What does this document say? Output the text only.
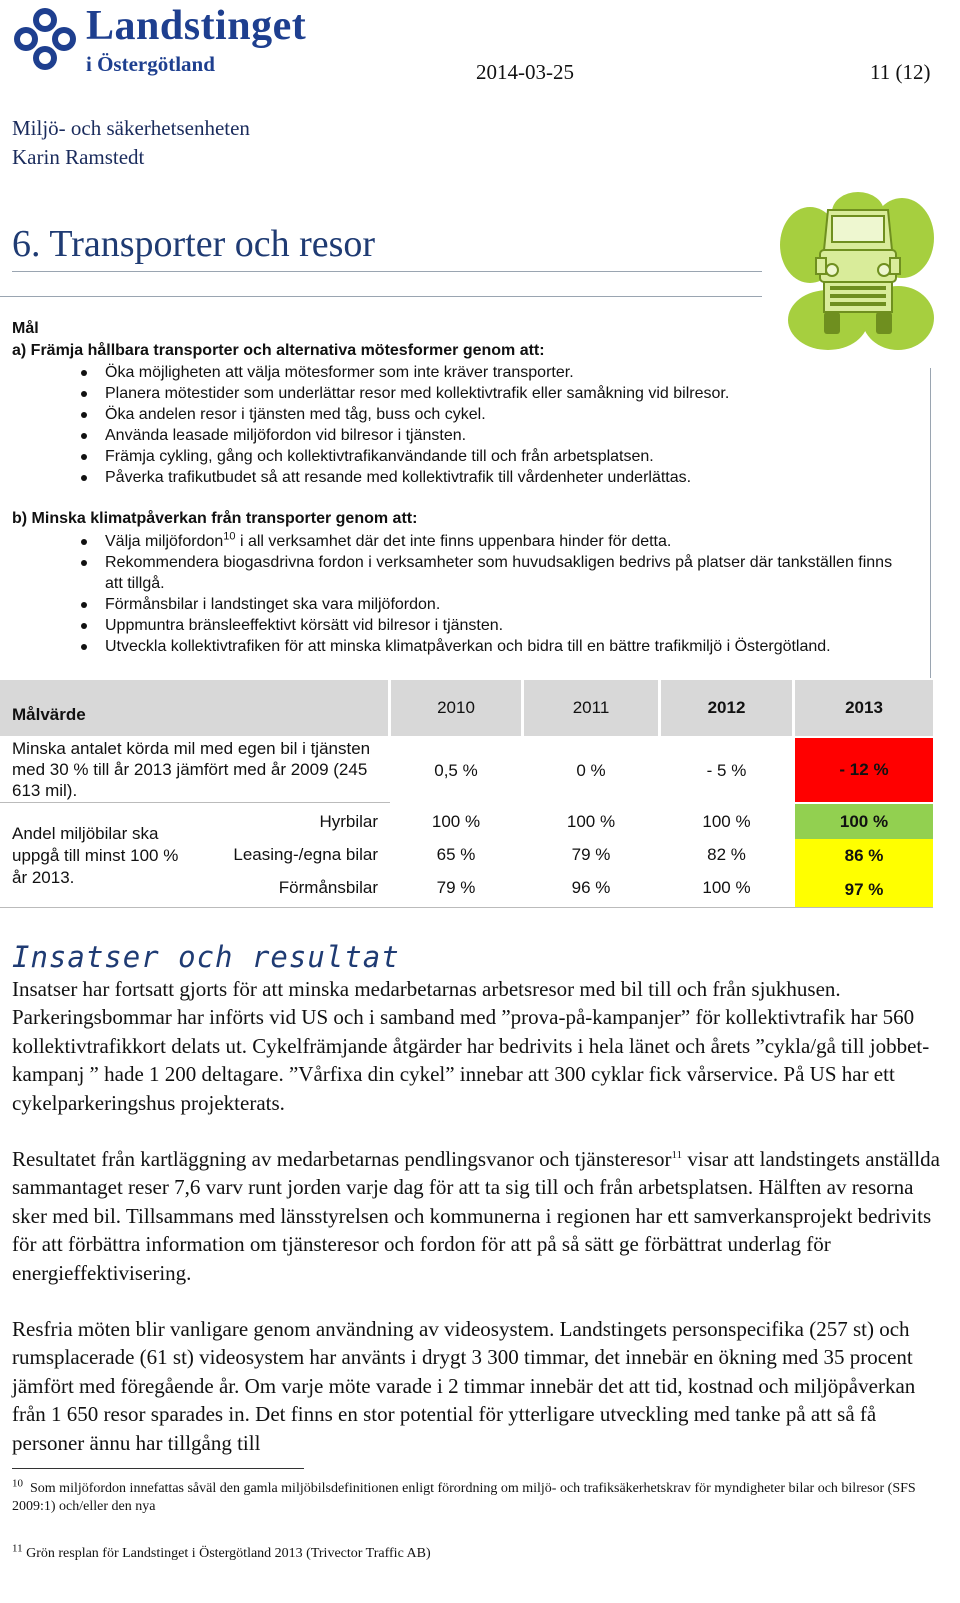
Landstinget
i Östergötland	2014-03-25	11 (12)
Miljö- och säkerhetsenheten
Karin Ramstedt
6. Transporter och resor
Mål
a) Främja hållbara transporter och alternativa mötesformer genom att:
Öka möjligheten att välja mötesformer som inte kräver transporter.
Planera mötestider som underlättar resor med kollektivtrafik eller samåkning vid bilresor.
Öka andelen resor i tjänsten med tåg, buss och cykel.
Använda leasade miljöfordon vid bilresor i tjänsten.
Främja cykling, gång och kollektivtrafikanvändande till och från arbetsplatsen.
Påverka trafikutbudet så att resande med kollektivtrafik till vårdenheter underlättas.
b) Minska klimatpåverkan från transporter genom att:
Välja miljöfordon$^{10}$ i all verksamhet där det inte finns uppenbara hinder för detta.
Rekommendera biogasdrivna fordon i verksamheter som huvudsakligen bedrivs på platser där tankställen finns att tillgå.
Förmånsbilar i landstinget ska vara miljöfordon.
Uppmuntra bränsleeffektivt körsätt vid bilresor i tjänsten.
Utveckla kollektivtrafiken för att minska klimatpåverkan och bidra till en bättre trafikmiljö i Östergötland.
Målvärde	2010	2011	2012	2013
Minska antalet körda mil med egen bil i tjänsten med 30 % till år 2013 jämfört med år 2009 (245 613 mil).
0,5 %	0 %	- 5 %	- 12 %
Andel miljöbilar ska uppgå till minst 100 % år 2013.
Hyrbilar	100 %	100 %	100 %	100 %
Leasing-/egna bilar	65 %	79 %	82 %	86 %
Förmånsbilar	79 %	96 %	100 %	97 %
Insatser och resultat
Insatser har fortsatt gjorts för att minska medarbetarnas arbetsresor med bil till och från sjukhusen. Parkeringsbommar har införts vid US och i samband med ”prova-på-kampanjer” för kollektivtrafik har 560 kollektivtrafikkort delats ut. Cykelfrämjande åtgärder har bedrivits i hela länet och årets ”cykla/gå till jobbet-kampanj ” hade 1 200 deltagare. ”Vårfixa din cykel” innebar att 300 cyklar fick vårservice. På US har ett cykelparkeringshus projekterats.
Resultatet från kartläggning av medarbetarnas pendlingsvanor och tjänsteresor$^{11}$ visar att landstingets anställda sammantaget reser 7,6 varv runt jorden varje dag för att ta sig till och från arbetsplatsen. Hälften av resorna sker med bil. Tillsammans med länsstyrelsen och kommunerna i regionen har ett samverkansprojekt bedrivits för att förbättra information om tjänsteresor och fordon för att på så sätt ge förbättrat underlag för energieffektivisering.
Resfria möten blir vanligare genom användning av videosystem. Landstingets personspecifika (257 st) och rumsplacerade (61 st) videosystem har använts i drygt 3 300 timmar, det innebär en ökning med 35 procent jämfört med föregående år. Om varje möte varade i 2 timmar innebär det att tid, kostnad och miljöpåverkan från 1 650 resor sparades in. Det finns en stor potential för ytterligare utveckling med tanke på att så få personer ännu har tillgång till
$^{10}$ Som miljöfordon innefattas såväl den gamla miljöbilsdefinitionen enligt förordning om miljö- och trafiksäkerhetskrav för myndigheter bilar och bilresor (SFS 2009:1) och/eller den nya
$^{11}$ Grön resplan för Landstinget i Östergötland 2013 (Trivector Traffic AB)
